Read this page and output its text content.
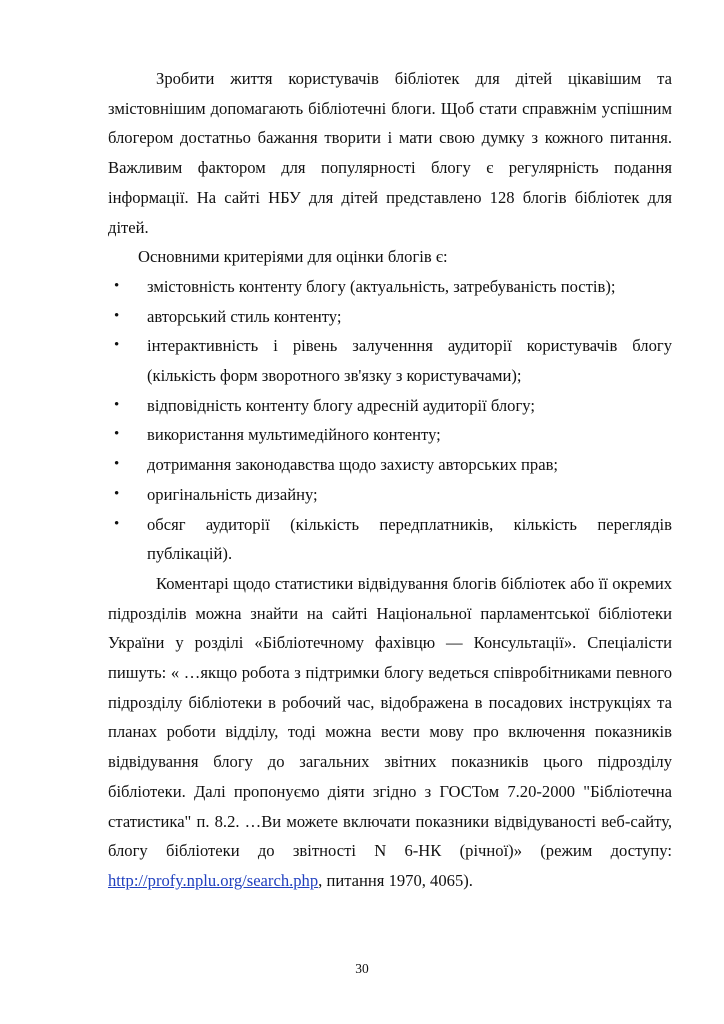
Зробити життя користувачів бібліотек для дітей цікавішим та змістовнішим допомагають бібліотечні блоги. Щоб стати справжнім успішним блогером достатньо бажання творити і мати свою думку з кожного питання. Важливим фактором для популярності блогу є регулярність подання інформації. На сайті НБУ для дітей представлено 128 блогів бібліотек для дітей.

Основними критеріями для оцінки блогів є:

• змістовність контенту блогу (актуальність, затребуваність постів);
• авторський стиль контенту;
• інтерактивність і рівень залученння аудиторії користувачів блогу (кількість форм зворотного зв'язку з користувачами);
• відповідність контенту блогу адресній аудиторії блогу;
• використання мультимедійного контенту;
• дотримання законодавства щодо захисту авторських прав;
• оригінальність дизайну;
• обсяг аудиторії (кількість передплатників, кількість переглядів публікацій).

Коментарі щодо статистики відвідування блогів бібліотек або її окремих підрозділів можна знайти на сайті Національної парламентської бібліотеки України у розділі «Бібліотечному фахівцю — Консультації». Спеціалісти пишуть: « …якщо робота з підтримки блогу ведеться співробітниками певного підрозділу бібліотеки в робочий час, відображена в посадових інструкціях та планах роботи відділу, тоді можна вести мову про включення показників відвідування блогу до загальних звітних показників цього підрозділу бібліотеки. Далі пропонуємо діяти згідно з ГОСТом 7.20-2000 "Бібліотечна статистика" п. 8.2. …Ви можете включати показники відвідуваності веб-сайту, блогу бібліотеки до звітності N 6-НК (річної)» (режим доступу: http://profy.nplu.org/search.php, питання 1970, 4065).

30
